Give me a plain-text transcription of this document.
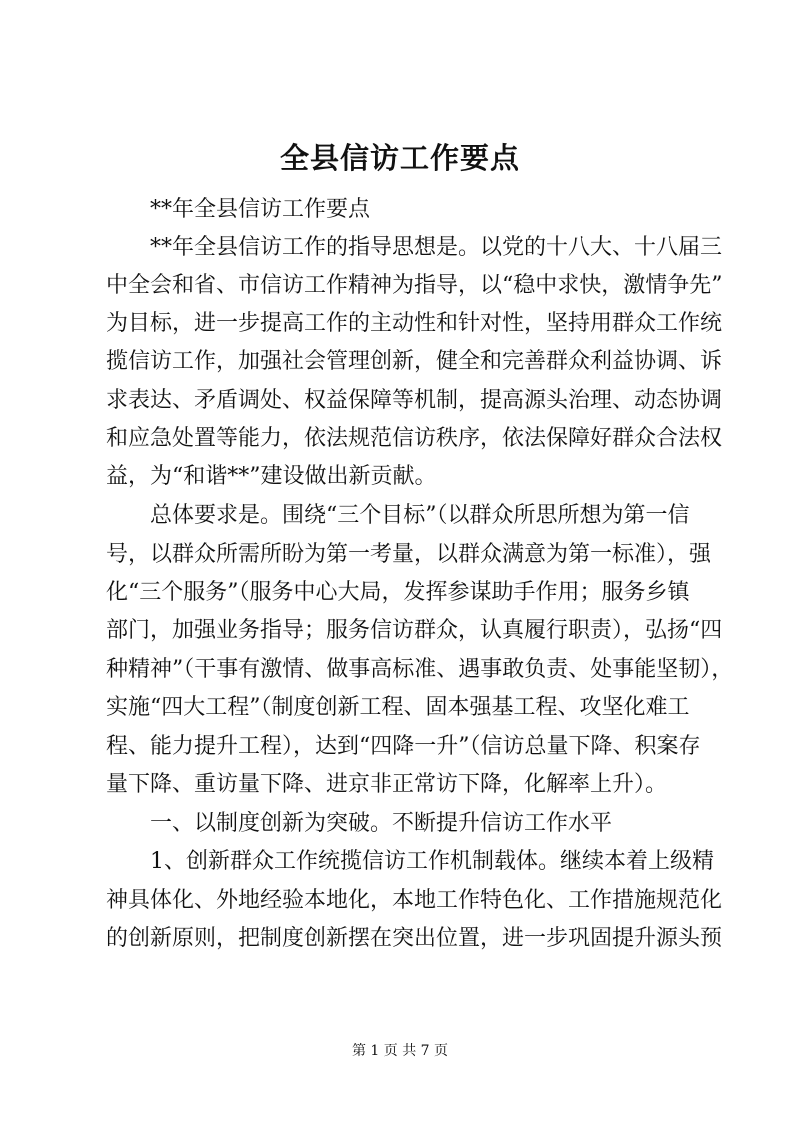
全县信访工作要点
**年全县信访工作要点
**年全县信访工作的指导思想是。以党的十八大、十八届三
中全会和省、市信访工作精神为指导，以“稳中求快，激情争先”
为目标，进一步提高工作的主动性和针对性，坚持用群众工作统
揽信访工作，加强社会管理创新，健全和完善群众利益协调、诉
求表达、矛盾调处、权益保障等机制，提高源头治理、动态协调
和应急处置等能力，依法规范信访秩序，依法保障好群众合法权
益，为“和谐**”建设做出新贡献。
总体要求是。围绕“三个目标”（以群众所思所想为第一信
号，以群众所需所盼为第一考量，以群众满意为第一标准），强
化“三个服务”（服务中心大局，发挥参谋助手作用；服务乡镇
部门，加强业务指导；服务信访群众，认真履行职责），弘扬“四
种精神”（干事有激情、做事高标准、遇事敢负责、处事能坚韧），
实施“四大工程”（制度创新工程、固本强基工程、攻坚化难工
程、能力提升工程），达到“四降一升”（信访总量下降、积案存
量下降、重访量下降、进京非正常访下降，化解率上升）。
一、以制度创新为突破。不断提升信访工作水平
1、创新群众工作统揽信访工作机制载体。继续本着上级精
神具体化、外地经验本地化，本地工作特色化、工作措施规范化
的创新原则，把制度创新摆在突出位置，进一步巩固提升源头预
第 1 页 共 7 页
